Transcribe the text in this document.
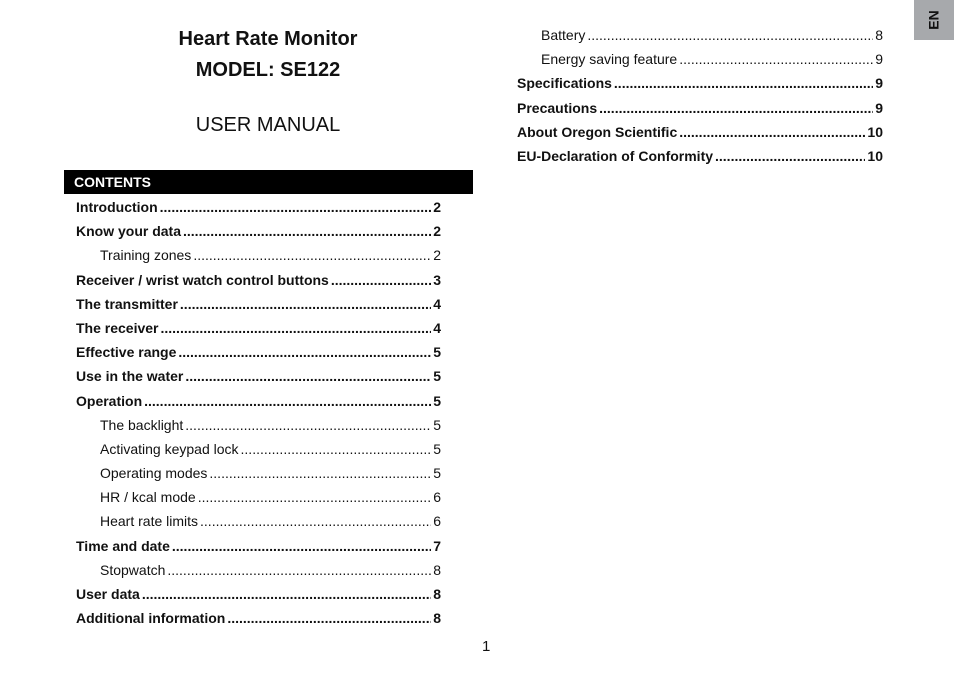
Heart Rate Monitor
MODEL: SE122
USER MANUAL
CONTENTS
Introduction .....	2
Know your data .....	2
Training zones .....	2
Receiver / wrist watch control buttons .....	3
The transmitter .....	4
The receiver .....	4
Effective range .....	5
Use in the water .....	5
Operation .....	5
The backlight .....	5
Activating keypad lock .....	5
Operating modes .....	5
HR / kcal mode .....	6
Heart rate limits .....	6
Time and date .....	7
Stopwatch .....	8
User data .....	8
Additional information .....	8
Battery .....	8
Energy saving feature .....	9
Specifications .....	9
Precautions .....	9
About Oregon Scientific .....	10
EU-Declaration of Conformity .....	10
1
EN
